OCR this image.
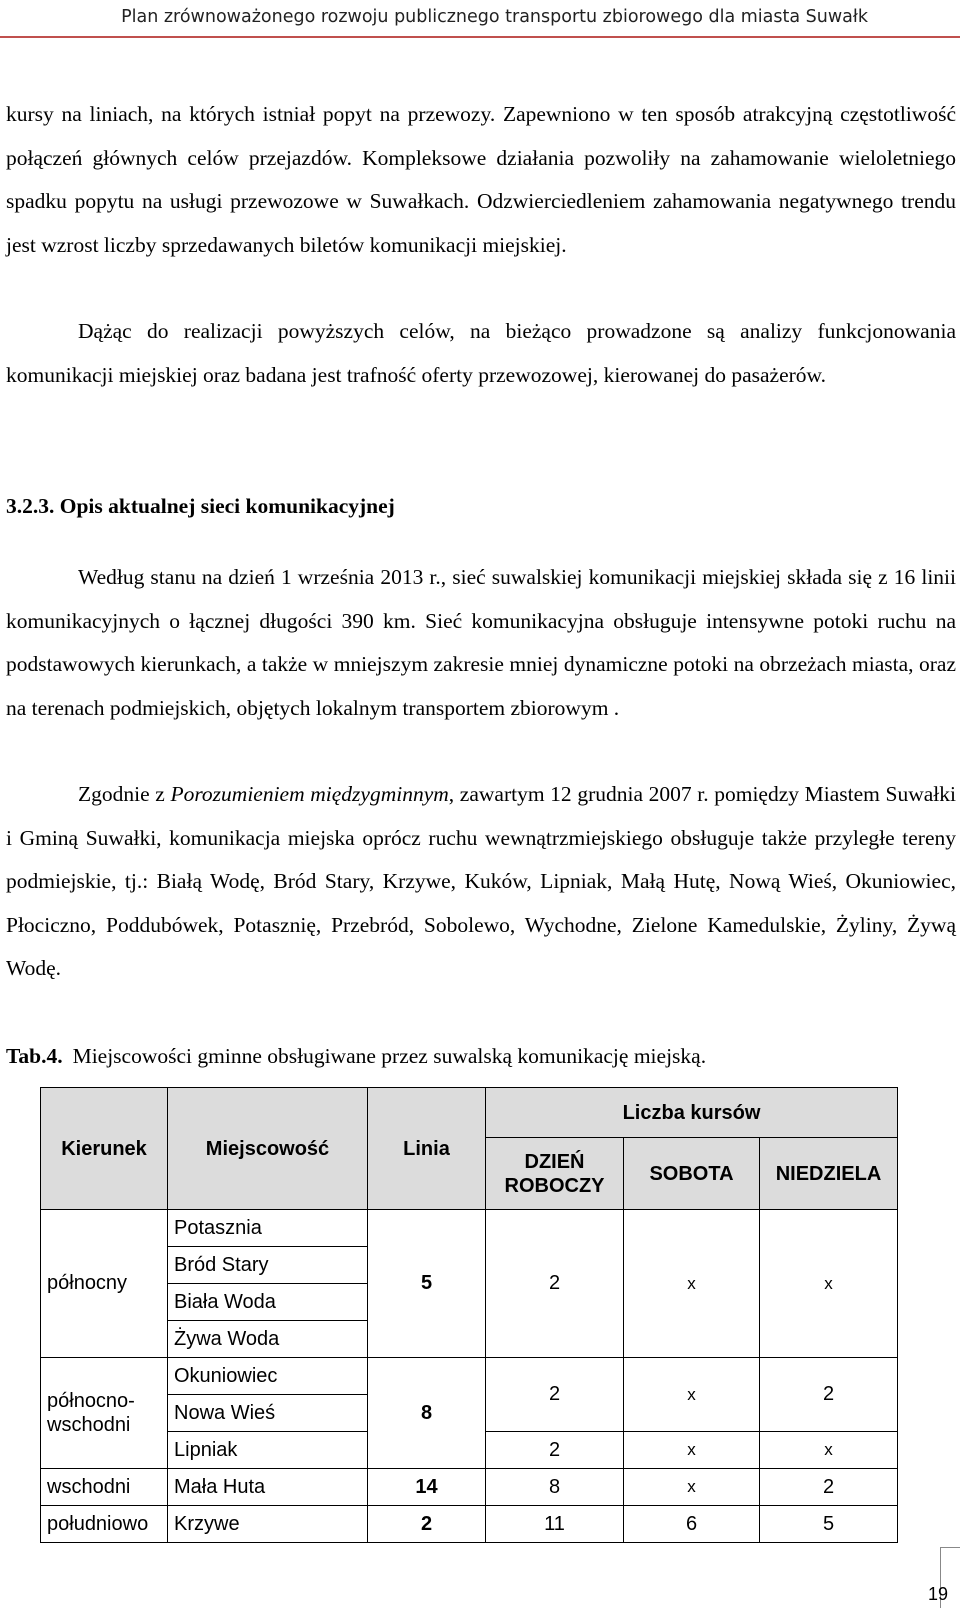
Plan zrównoważonego rozwoju publicznego transportu zbiorowego dla miasta Suwałk

kursy na liniach, na których istniał popyt na przewozy. Zapewniono w ten sposób atrakcyjną częstotliwość połączeń głównych celów przejazdów. Kompleksowe działania pozwoliły na zahamowanie wieloletniego spadku popytu na usługi przewozowe w Suwałkach. Odzwierciedleniem zahamowania negatywnego trendu jest wzrost liczby sprzedawanych biletów komunikacji miejskiej.

Dążąc do realizacji powyższych celów, na bieżąco prowadzone są analizy funkcjonowania komunikacji miejskiej oraz badana jest trafność oferty przewozowej, kierowanej do pasażerów.

3.2.3. Opis aktualnej sieci komunikacyjnej

Według stanu na dzień 1 września 2013 r., sieć suwalskiej komunikacji miejskiej składa się z 16 linii komunikacyjnych o łącznej długości 390 km. Sieć komunikacyjna obsługuje intensywne potoki ruchu na podstawowych kierunkach, a także w mniejszym zakresie mniej dynamiczne potoki na obrzeżach miasta, oraz na terenach podmiejskich, objętych lokalnym transportem zbiorowym .

Zgodnie z Porozumieniem międzygminnym, zawartym 12 grudnia 2007 r. pomiędzy Miastem Suwałki i Gminą Suwałki, komunikacja miejska oprócz ruchu wewnątrzmiejskiego obsługuje także przyległe tereny podmiejskie, tj.: Białą Wodę, Bród Stary, Krzywe, Kuków, Lipniak, Małą Hutę, Nową Wieś, Okuniowiec, Płociczno, Poddubówek, Potasznię, Przebród, Sobolewo, Wychodne, Zielone Kamedulskie, Żyliny, Żywą Wodę.

Tab.4. Miejscowości gminne obsługiwane przez suwalską komunikację miejską.

Kierunek	Miejscowość	Linia	Liczba kursów		
			DZIEŃ ROBOCZY	SOBOTA	NIEDZIELA
północny	Potasznia	5	2	x	x
	Bród Stary				
	Biała Woda				
	Żywa Woda				
północno-wschodni	Okuniowiec	8	2	x	2
	Nowa Wieś				
	Lipniak		2	x	x
wschodni	Mała Huta	14	8	x	2
południowo	Krzywe	2	11	6	5
19
